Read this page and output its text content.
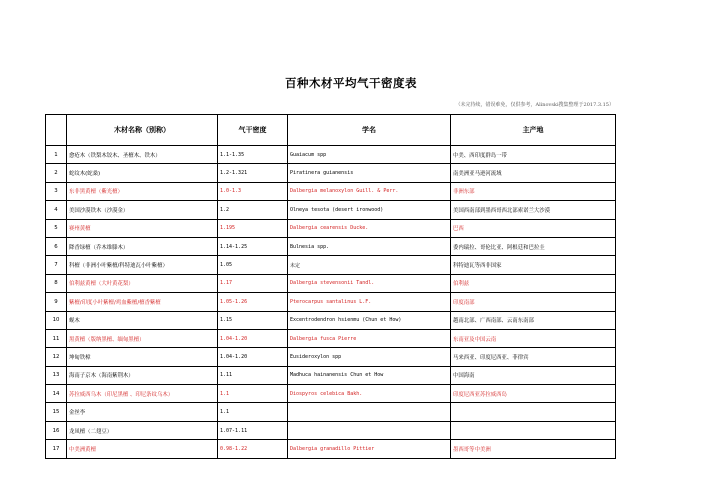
百种木材平均气干密度表
（未完待续，错误难免，仅供参考，Alinovski搜集整理于2017.3.15）
	木材名称（别称）	气干密度	学名	主产地
1	愈疮木（铁梨木铰木、圣檀木、铁木）	1.1-1.35	Guaiacum spp	中美、西印度群岛一带
2	蛇纹木(蛇桑)	1.2-1.321	Piratinera guianensis	南美洲亚马逊河流域
3	东非黑黄檀（紫光檀）	1.0-1.3	Dalbergia melanoxylon Guill. & Perr.	非洲东部
4	美国沙漠铁木（沙漠金）	1.2	Olneya tesota (desert ironwood)	美国西南部到墨西哥西北部索诺兰大沙漠
5	赛州黄檀	1.195	Dalbergia cearensis Ducke.	巴西
6	降香绿檀（乔木维滕木）	1.14-1.25	Bulnesia spp.	委内瑞拉、哥伦比亚、阿根廷和巴拉圭
7	科檀（非洲小叶紫檀/科特迪瓦小叶紫檀）	1.05	未定	科特迪瓦等西非国家
8	伯利兹黄檀（大叶黄花梨）	1.17	Dalbergia stevensonii Tandl.	伯利兹
9	紫檀/印度小叶紫檀/鸡血紫檀/檀香紫檀	1.05-1.26	Pterocarpus santalinus L.F.	印度南部
10	蚬木	1.15	Excentrodendron hsienmu (Chun et How)	越南北部、广西南部、云南东南部
11	黑黄檀（版纳黑檀、缅甸黑檀）	1.04-1.20	Dalbergia fusca Pierre	东南亚及中国云南
12	坤甸铁樟	1.04-1.20	Eusideroxylon spp	马来西亚、印度尼西亚、菲律宾
13	海南子京木（海南紫荆木）	1.11	Madhuca hainanensis Chun et How	中国海南
14	苏拉威西乌木（印尼黑檀 、印尼条纹乌木）	1.1	Diospyros celebica Bakh.	印度尼西亚苏拉威西岛
15	金丝李	1.1		
16	龙凤檀（二翅豆）	1.07-1.11		
17	中美洲黄檀	0.98-1.22	Dalbergia granadillo Pittier	墨西哥等中美洲
